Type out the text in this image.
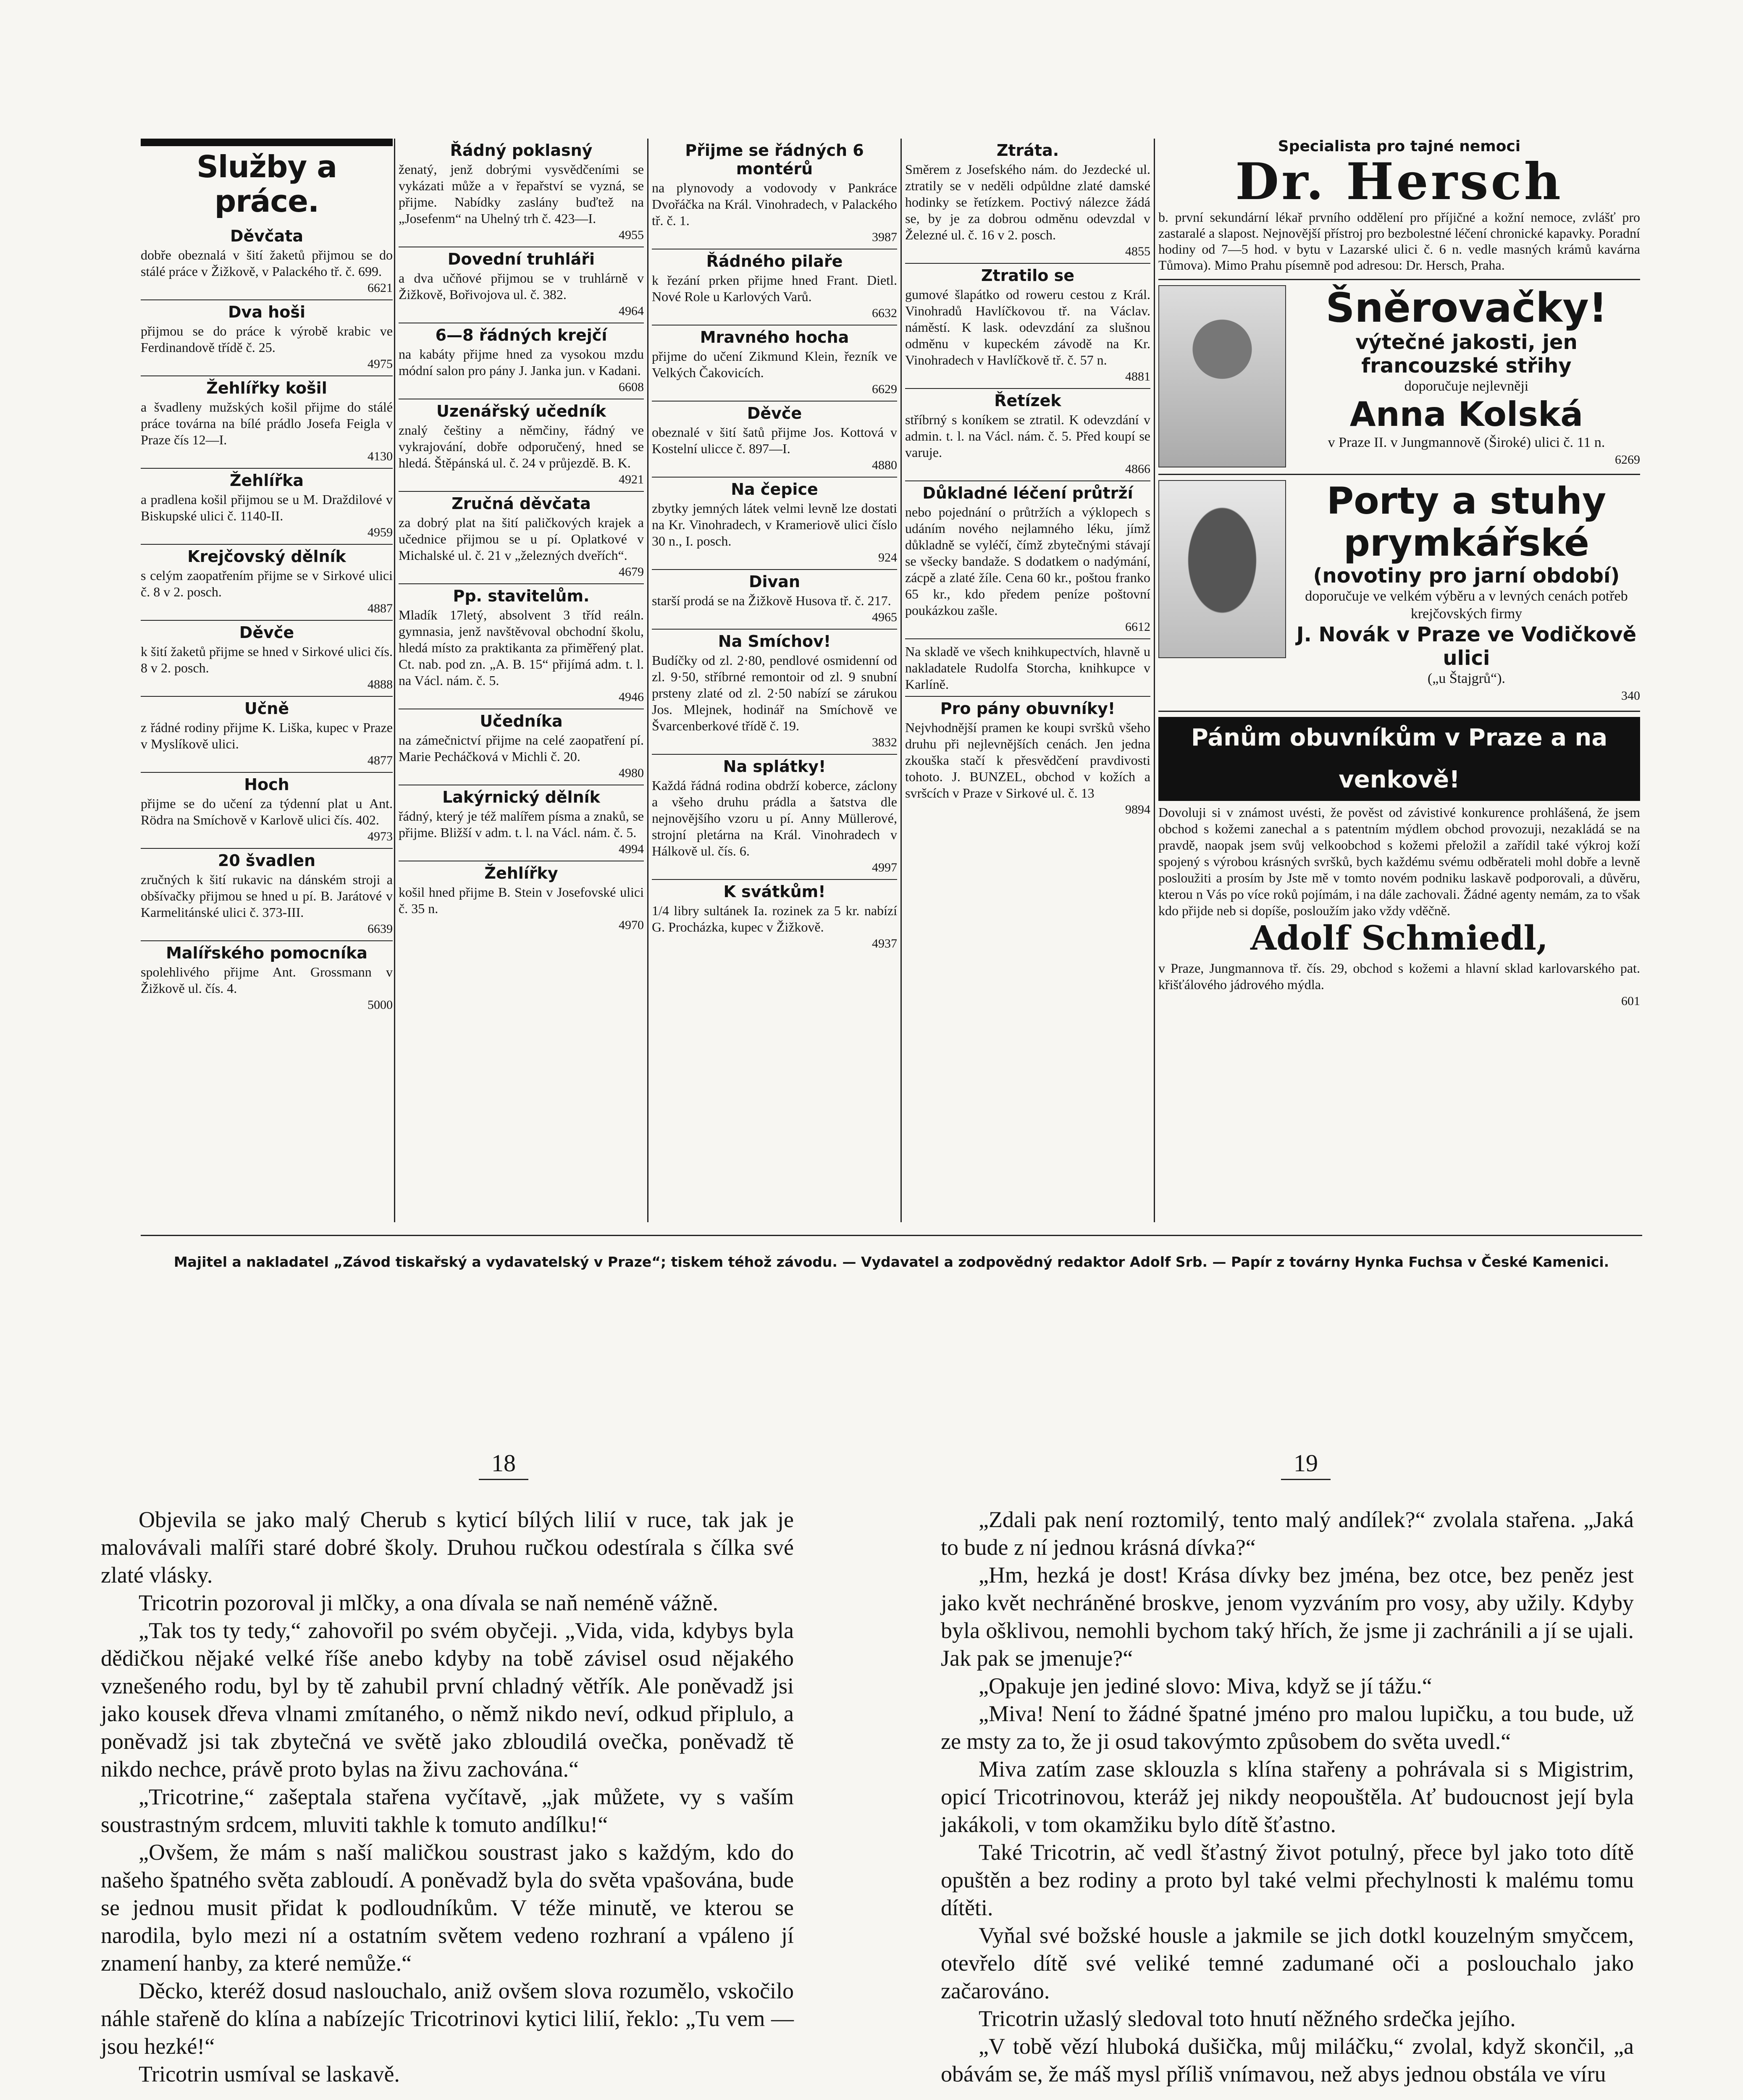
Služby a práce.
Děvčata

dobře obeznalá v šití žaketů přijmou se do stálé práce v Žižkově, v Palackého tř. č. 699.

6621
Dva hoši

přijmou se do práce k výrobě krabic ve Ferdinandově třídě č. 25.

4975
Žehlířky košil

a švadleny mužských košil přijme do stálé práce továrna na bílé prádlo Josefa Feigla v Praze čís 12—I.

4130
Žehlířka

a pradlena košil přijmou se u M. Draždilové v Biskupské ulici č. 1140-II.

4959
Krejčovský dělník

s celým zaopatřením přijme se v Sirkové ulici č. 8 v 2. posch.

4887
Děvče

k šití žaketů přijme se hned v Sirkové ulici čís. 8 v 2. posch.

4888
Učně

z řádné rodiny přijme K. Liška, kupec v Praze v Myslíkově ulici.

4877
Hoch

přijme se do učení za týdenní plat u Ant. Rödra na Smíchově v Karlově ulici čís. 402.

4973
20 švadlen

zručných k šití rukavic na dánském stroji a obšívačky přijmou se hned u pí. B. Jarátové v Karmelitánské ulici č. 373-III.

6639
Malířského pomocníka

spolehlivého přijme Ant. Grossmann v Žižkově ul. čís. 4.

5000
Řádný poklasný

ženatý, jenž dobrými vysvědčeními se vykázati může a v řepařství se vyzná, se přijme. Nabídky zaslány buďtež na „Josefenm“ na Uhelný trh č. 423—I.

4955
Dovední truhláři

a dva učňové přijmou se v truhlárně v Žižkově, Bořivojova ul. č. 382.

4964
6—8 řádných krejčí

na kabáty přijme hned za vysokou mzdu módní salon pro pány J. Janka jun. v Kadani.

6608
Uzenářský učedník

znalý češtiny a němčiny, řádný ve vykrajování, dobře odporučený, hned se hledá. Štěpánská ul. č. 24 v průjezdě. B. K.

4921
Zručná děvčata

za dobrý plat na šití paličkových krajek a učednice přijmou se u pí. Oplatkové v Michalské ul. č. 21 v „železných dveřích“.

4679
Pp. stavitelům.

Mladík 17letý, absolvent 3 tříd reáln. gymnasia, jenž navštěvoval obchodní školu, hledá místo za praktikanta za přiměřený plat. Ct. nab. pod zn. „A. B. 15“ přijímá adm. t. l. na Václ. nám. č. 5.

4946
Učedníka

na zámečnictví přijme na celé zaopatření pí. Marie Pecháčková v Michli č. 20.

4980
Lakýrnický dělník

řádný, který je též malířem písma a znaků, se přijme. Bližší v adm. t. l. na Václ. nám. č. 5.

4994
Žehlířky

košil hned přijme B. Stein v Josefovské ulici č. 35 n.

4970
Přijme se řádných 6 montérů

na plynovody a vodovody v Pankráce Dvořáčka na Král. Vinohradech, v Palackého tř. č. 1.

3987
Řádného pilaře

k řezání prken přijme hned Frant. Dietl. Nové Role u Karlových Varů.

6632
Mravného hocha

přijme do učení Zikmund Klein, řezník ve Velkých Čakovicích.

6629
Děvče

obeznalé v šití šatů přijme Jos. Kottová v Kostelní ulicce č. 897—I.

4880
Na čepice

zbytky jemných látek velmi levně lze dostati na Kr. Vinohradech, v Krameriově ulici číslo 30 n., I. posch.

924
Divan

starší prodá se na Žižkově Husova tř. č. 217.

4965
Na Smíchov!

Budíčky od zl. 2·80, pendlové osmidenní od zl. 9·50, stříbrné remontoir od zl. 9 snubní prsteny zlaté od zl. 2·50 nabízí se zárukou Jos. Mlejnek, hodinář na Smíchově ve Švarcenberkové třídě č. 19.

3832
Na splátky!

Každá řádná rodina obdrží koberce, záclony a všeho druhu prádla a šatstva dle nejnovějšího vzoru u pí. Anny Müllerové, strojní pletárna na Král. Vinohradech v Hálkově ul. čís. 6.

4997
K svátkům!

1/4 libry sultánek Ia. rozinek za 5 kr. nabízí G. Procházka, kupec v Žižkově.

4937
Ztráta.

Směrem z Josefského nám. do Jezdecké ul. ztratily se v neděli odpůldne zlaté damské hodinky se řetízkem. Poctivý nálezce žádá se, by je za dobrou odměnu odevzdal v Železné ul. č. 16 v 2. posch.

4855
Ztratilo se

gumové šlapátko od roweru cestou z Král. Vinohradů Havlíčkovou tř. na Václav. náměstí. K lask. odevzdání za slušnou odměnu v kupeckém závodě na Kr. Vinohradech v Havlíčkově tř. č. 57 n.

4881
Řetízek

stříbrný s koníkem se ztratil. K odevzdání v admin. t. l. na Václ. nám. č. 5. Před koupí se varuje.

4866
Důkladné léčení průtrží

nebo pojednání o průtržích a výklopech s udáním nového nejlamného léku, jímž důkladně se vyléčí, čímž zbytečnými stávají se všecky bandaže. S dodatkem o nadýmání, zácpě a zlaté žíle. Cena 60 kr., poštou franko 65 kr., kdo předem peníze poštovní poukázkou zašle.

6612

Na skladě ve všech knihkupectvích, hlavně u nakladatele Rudolfa Storcha, knihkupce v Karlíně.

Pro pány obuvníky!

Nejvhodnější pramen ke koupi svršků všeho druhu při nejlevnějších cenách. Jen jedna zkouška stačí k přesvědčení pravdivosti tohoto. J. BUNZEL, obchod v kožích a svršcích v Praze v Sirkové ul. č. 13

9894
Specialista pro tajné nemoci
Dr. Hersch

b. první sekundární lékař prvního oddělení pro příjičné a kožní nemoce, zvlášť pro zastaralé a slapost. Nejnovější přístroj pro bezbolestné léčení chronické kapavky. Poradní hodiny od 7—5 hod. v bytu v Lazarské ulici č. 6 n. vedle masných krámů kavárna Tůmova). Mimo Prahu písemně pod adresou: Dr. Hersch, Praha.

Šněrovačky!
výtečné jakosti, jen
francouzské střihy
doporučuje nejlevněji
Anna Kolská
v Praze II. v Jungmannově (Široké) ulici č. 11 n.
6269
Porty a stuhy prymkářské
(novotiny pro jarní období)
doporučuje ve velkém výběru a v levných cenách potřeb krejčovských firmy
J. Novák v Praze ve Vodičkově ulici
(„u Štajgrů“).
340
Pánům obuvníkům v Praze a na venkově!

Dovoluji si v známost uvésti, že pověst od závistivé konkurence prohlášená, že jsem obchod s kožemi zanechal a s patentním mýdlem obchod provozuji, nezakládá se na pravdě, naopak jsem svůj velkoobchod s kožemi přeložil a zařídil také výkroj koží spojený s výrobou krásných svršků, bych každému svému odběrateli mohl dobře a levně posloužiti a prosím by Jste mě v tomto novém podniku laskavě podporovali, a důvěru, kterou n Vás po více roků pojímám, i na dále zachovali. Žádné agenty nemám, za to však kdo přijde neb si dopíše, posloužím jako vždy vděčně.

Adolf Schmiedl,

v Praze, Jungmannova tř. čís. 29, obchod s kožemi a hlavní sklad karlovarského pat. křišťálového jádrového mýdla.

601
Majitel a nakladatel „Závod tiskařský a vydavatelský v Praze“; tiskem téhož závodu. — Vydavatel a zodpovědný redaktor Adolf Srb. — Papír z továrny Hynka Fuchsa v České Kamenici.
18	19

Objevila se jako malý Cherub s kyticí bílých lilií v ruce, tak jak je malovávali malíři staré dobré školy. Druhou ručkou odestírala s čílka své zlaté vlásky.

Tricotrin pozoroval ji mlčky, a ona dívala se naň neméně vážně.

„Tak tos ty tedy,“ zahovořil po svém obyčeji. „Vida, vida, kdybys byla dědičkou nějaké velké říše anebo kdyby na tobě závisel osud nějakého vznešeného rodu, byl by tě zahubil první chladný větřík. Ale poněvadž jsi jako kousek dřeva vlnami zmítaného, o němž nikdo neví, odkud připlulo, a poněvadž jsi tak zbytečná ve světě jako zbloudilá ovečka, poněvadž tě nikdo nechce, právě proto bylas na živu zachována.“

„Tricotrine,“ zašeptala stařena vyčítavě, „jak můžete, vy s vaším soustrastným srdcem, mluviti takhle k tomuto andílku!“

„Ovšem, že mám s naší maličkou soustrast jako s každým, kdo do našeho špatného světa zabloudí. A poněvadž byla do světa vpašována, bude se jednou musit přidat k podloudníkům. V téže minutě, ve kterou se narodila, bylo mezi ní a ostatním světem vedeno rozhraní a vpáleno jí znamení hanby, za které nemůže.“

Děcko, kteréž dosud naslouchalo, aniž ovšem slova rozumělo, vskočilo náhle stařeně do klína a nabízejíc Tricotrinovi kytici lilií, řeklo: „Tu vem — jsou hezké!“

Tricotrin usmíval se laskavě.

„Zdali pak není roztomilý, tento malý andílek?“ zvolala stařena. „Jaká to bude z ní jednou krásná dívka?“

„Hm, hezká je dost! Krása dívky bez jména, bez otce, bez peněz jest jako květ nechráněné broskve, jenom vyzváním pro vosy, aby užily. Kdyby byla ošklivou, nemohli bychom taký hřích, že jsme ji zachránili a jí se ujali. Jak pak se jmenuje?“

„Opakuje jen jediné slovo: Miva, když se jí tážu.“

„Miva! Není to žádné špatné jméno pro malou lupičku, a tou bude, už ze msty za to, že ji osud takovýmto způsobem do světa uvedl.“

Miva zatím zase sklouzla s klína stařeny a pohrávala si s Migistrim, opicí Tricotrinovou, kteráž jej nikdy neopouštěla. Ať budoucnost její byla jakákoli, v tom okamžiku bylo dítě šťastno.

Také Tricotrin, ač vedl šťastný život potulný, přece byl jako toto dítě opuštěn a bez rodiny a proto byl také velmi přechylnosti k malému tomu dítěti.

Vyňal své božské housle a jakmile se jich dotkl kouzelným smyčcem, otevřelo dítě své veliké temné zadumané oči a poslouchalo jako začarováno.

Tricotrin užaslý sledoval toto hnutí něžného srdečka jejího.

„V tobě vězí hluboká dušička, můj miláčku,“ zvolal, když skončil, „a obávám se, že máš mysl příliš vnímavou, než abys jednou obstála ve víru
